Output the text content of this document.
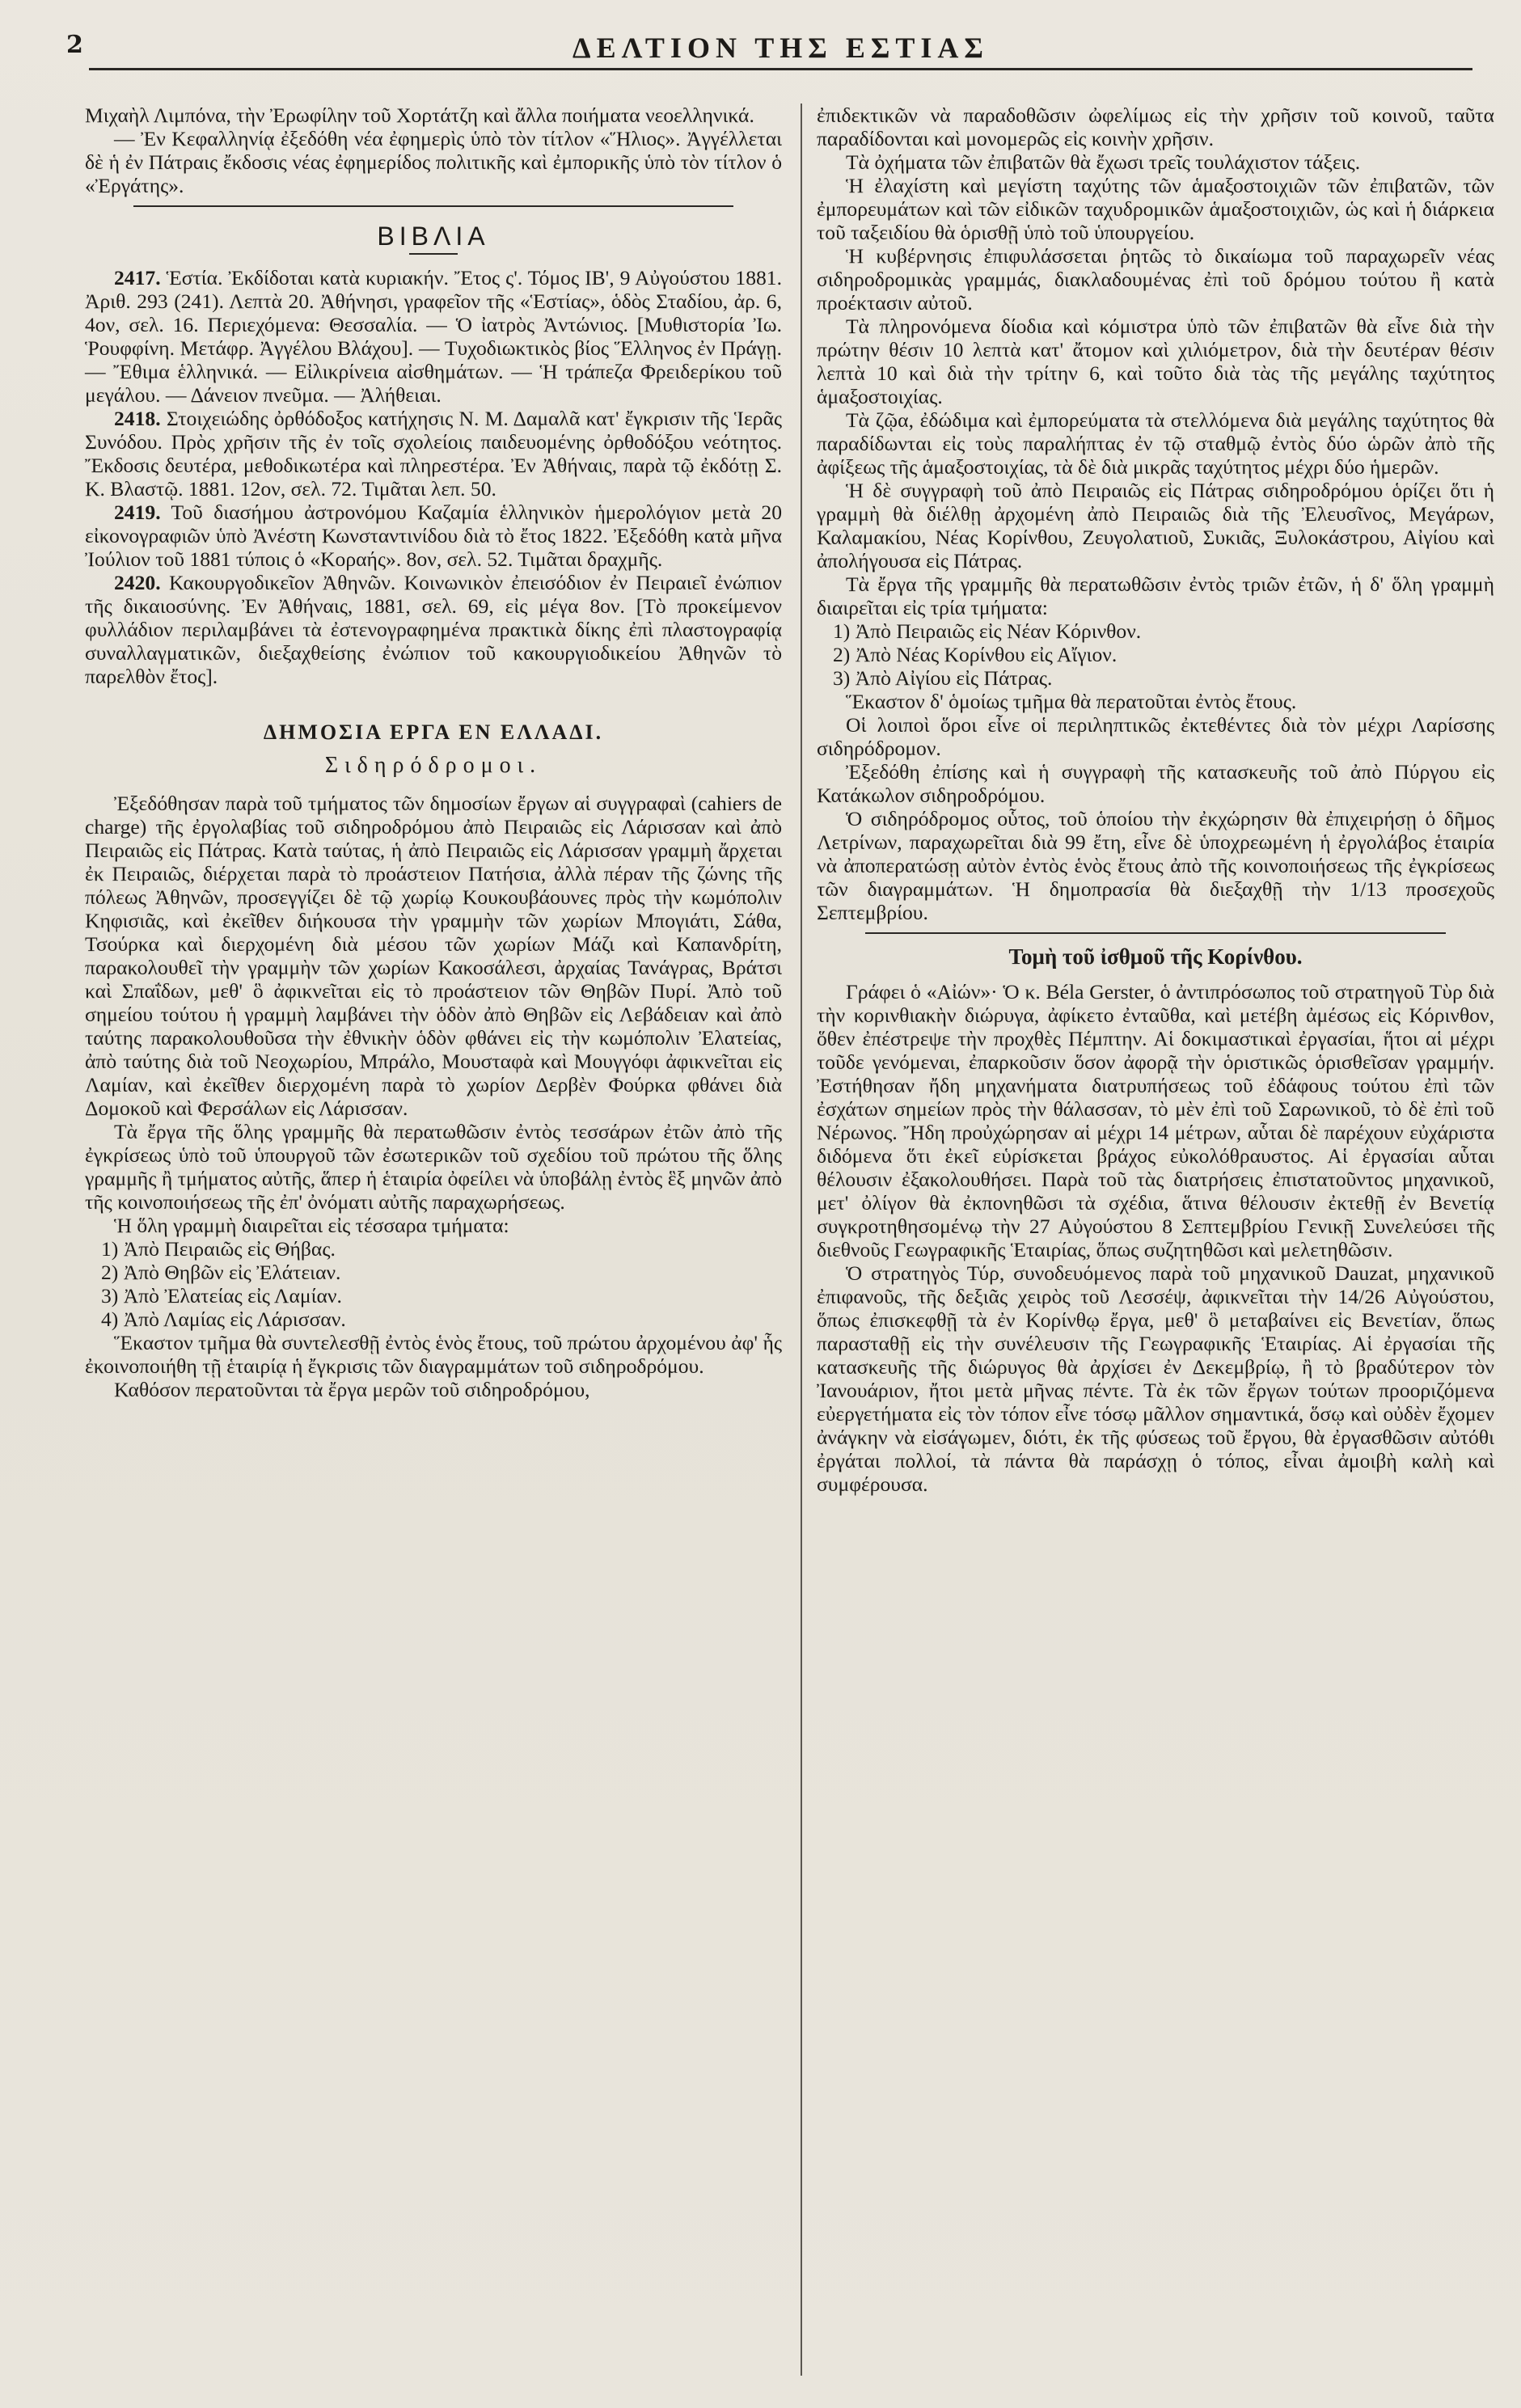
2	ΔΕΛΤΙΟΝ ΤΗΣ ΕΣΤΙΑΣ

Μιχαὴλ Λιμπόνα, τὴν Ἐρωφίλην τοῦ Χορτάτζη καὶ ἄλλα ποιήματα νεοελληνικά.

— Ἐν Κεφαλληνίᾳ ἐξεδόθη νέα ἐφημερὶς ὑπὸ τὸν τίτλον «Ἥλιος». Ἀγγέλλεται δὲ ἡ ἐν Πάτραις ἔκδοσις νέας ἐφημερίδος πολιτικῆς καὶ ἐμπορικῆς ὑπὸ τὸν τίτλον ὁ «Ἐργάτης».

ΒΙΒΛΙΑ

2417. Ἑστία. Ἐκδίδοται κατὰ κυριακήν. Ἔτος ς'. Τόμος ΙΒ', 9 Αὐγούστου 1881. Ἀριθ. 293 (241). Λεπτὰ 20. Ἀθήνησι, γραφεῖον τῆς «Ἑστίας», ὁδὸς Σταδίου, ἀρ. 6, 4ον, σελ. 16. Περιεχόμενα: Θεσσαλία. — Ὁ ἰατρὸς Ἀντώνιος. [Μυθιστορία Ἰω. Ῥουφφίνη. Μετάφρ. Ἀγγέλου Βλάχου]. — Τυχοδιωκτικὸς βίος Ἕλληνος ἐν Πράγῃ. — Ἔθιμα ἑλληνικά. — Εἰλικρίνεια αἰσθημάτων. — Ἡ τράπεζα Φρειδερίκου τοῦ μεγάλου. — Δάνειον πνεῦμα. — Ἀλήθειαι.

2418. Στοιχειώδης ὀρθόδοξος κατήχησις Ν. Μ. Δαμαλᾶ κατ' ἔγκρισιν τῆς Ἱερᾶς Συνόδου. Πρὸς χρῆσιν τῆς ἐν τοῖς σχολείοις παιδευομένης ὀρθοδόξου νεότητος. Ἔκδοσις δευτέρα, μεθοδικωτέρα καὶ πληρεστέρα. Ἐν Ἀθήναις, παρὰ τῷ ἐκδότῃ Σ. Κ. Βλαστῷ. 1881. 12ον, σελ. 72. Τιμᾶται λεπ. 50.

2419. Τοῦ διασήμου ἀστρονόμου Καζαμία ἑλληνικὸν ἡμερολόγιον μετὰ 20 εἰκονογραφιῶν ὑπὸ Ἀνέστη Κωνσταντινίδου διὰ τὸ ἔτος 1822. Ἐξεδόθη κατὰ μῆνα Ἰούλιον τοῦ 1881 τύποις ὁ «Κοραής». 8ον, σελ. 52. Τιμᾶται δραχμῆς.

2420. Κακουργοδικεῖον Ἀθηνῶν. Κοινωνικὸν ἐπεισόδιον ἐν Πειραιεῖ ἐνώπιον τῆς δικαιοσύνης. Ἐν Ἀθήναις, 1881, σελ. 69, εἰς μέγα 8ον. [Τὸ προκείμενον φυλλάδιον περιλαμβάνει τὰ ἐστενογραφημένα πρακτικὰ δίκης ἐπὶ πλαστογραφίᾳ συναλλαγματικῶν, διεξαχθείσης ἐνώπιον τοῦ κακουργιοδικείου Ἀθηνῶν τὸ παρελθὸν ἔτος].

ΔΗΜΟΣΙΑ ΕΡΓΑ ΕΝ ΕΛΛΑΔΙ.
Σιδηρόδρομοι.

Ἐξεδόθησαν παρὰ τοῦ τμήματος τῶν δημοσίων ἔργων αἱ συγγραφαὶ (cahiers de charge) τῆς ἐργολαβίας τοῦ σιδηροδρόμου ἀπὸ Πειραιῶς εἰς Λάρισσαν καὶ ἀπὸ Πειραιῶς εἰς Πάτρας. Κατὰ ταύτας, ἡ ἀπὸ Πειραιῶς εἰς Λάρισσαν γραμμὴ ἄρχεται ἐκ Πειραιῶς, διέρχεται παρὰ τὸ προάστειον Πατήσια, ἀλλὰ πέραν τῆς ζώνης τῆς πόλεως Ἀθηνῶν, προσεγγίζει δὲ τῷ χωρίῳ Κουκουβάουνες πρὸς τὴν κωμόπολιν Κηφισιᾶς, καὶ ἐκεῖθεν διήκουσα τὴν γραμμὴν τῶν χωρίων Μπογιάτι, Σάθα, Τσούρκα καὶ διερχομένη διὰ μέσου τῶν χωρίων Μάζι καὶ Καπανδρίτη, παρακολουθεῖ τὴν γραμμὴν τῶν χωρίων Κακοσάλεσι, ἀρχαίας Τανάγρας, Βράτσι καὶ Σπαΐδων, μεθ' ὃ ἀφικνεῖται εἰς τὸ προάστειον τῶν Θηβῶν Πυρί. Ἀπὸ τοῦ σημείου τούτου ἡ γραμμὴ λαμβάνει τὴν ὁδὸν ἀπὸ Θηβῶν εἰς Λεβάδειαν καὶ ἀπὸ ταύτης παρακολουθοῦσα τὴν ἐθνικὴν ὁδὸν φθάνει εἰς τὴν κωμόπολιν Ἐλατείας, ἀπὸ ταύτης διὰ τοῦ Νεοχωρίου, Μπράλο, Μουσταφὰ καὶ Μουγγόφι ἀφικνεῖται εἰς Λαμίαν, καὶ ἐκεῖθεν διερχομένη παρὰ τὸ χωρίον Δερβὲν Φούρκα φθάνει διὰ Δομοκοῦ καὶ Φερσάλων εἰς Λάρισσαν.

Τὰ ἔργα τῆς ὅλης γραμμῆς θὰ περατωθῶσιν ἐντὸς τεσσάρων ἐτῶν ἀπὸ τῆς ἐγκρίσεως ὑπὸ τοῦ ὑπουργοῦ τῶν ἐσωτερικῶν τοῦ σχεδίου τοῦ πρώτου τῆς ὅλης γραμμῆς ἢ τμήματος αὐτῆς, ἅπερ ἡ ἑταιρία ὀφείλει νὰ ὑποβάλῃ ἐντὸς ἓξ μηνῶν ἀπὸ τῆς κοινοποιήσεως τῆς ἐπ' ὀνόματι αὐτῆς παραχωρήσεως.

Ἡ ὅλη γραμμὴ διαιρεῖται εἰς τέσσαρα τμήματα:

1) Ἀπὸ Πειραιῶς εἰς Θήβας.

2) Ἀπὸ Θηβῶν εἰς Ἐλάτειαν.

3) Ἀπὸ Ἐλατείας εἰς Λαμίαν.

4) Ἀπὸ Λαμίας εἰς Λάρισσαν.

Ἕκαστον τμῆμα θὰ συντελεσθῇ ἐντὸς ἑνὸς ἔτους, τοῦ πρώτου ἀρχομένου ἀφ' ἧς ἐκοινοποιήθη τῇ ἑταιρίᾳ ἡ ἔγκρισις τῶν διαγραμμάτων τοῦ σιδηροδρόμου.

Καθόσον περατοῦνται τὰ ἔργα μερῶν τοῦ σιδηροδρόμου,

ἐπιδεκτικῶν νὰ παραδοθῶσιν ὠφελίμως εἰς τὴν χρῆσιν τοῦ κοινοῦ, ταῦτα παραδίδονται καὶ μονομερῶς εἰς κοινὴν χρῆσιν.

Τὰ ὀχήματα τῶν ἐπιβατῶν θὰ ἔχωσι τρεῖς τουλάχιστον τάξεις.

Ἡ ἐλαχίστη καὶ μεγίστη ταχύτης τῶν ἁμαξοστοιχιῶν τῶν ἐπιβατῶν, τῶν ἐμπορευμάτων καὶ τῶν εἰδικῶν ταχυδρομικῶν ἁμαξοστοιχιῶν, ὡς καὶ ἡ διάρκεια τοῦ ταξειδίου θὰ ὁρισθῇ ὑπὸ τοῦ ὑπουργείου.

Ἡ κυβέρνησις ἐπιφυλάσσεται ῥητῶς τὸ δικαίωμα τοῦ παραχωρεῖν νέας σιδηροδρομικὰς γραμμάς, διακλαδουμένας ἐπὶ τοῦ δρόμου τούτου ἢ κατὰ προέκτασιν αὐτοῦ.

Τὰ πληρονόμενα δίοδια καὶ κόμιστρα ὑπὸ τῶν ἐπιβατῶν θὰ εἶνε διὰ τὴν πρώτην θέσιν 10 λεπτὰ κατ' ἄτομον καὶ χιλιόμετρον, διὰ τὴν δευτέραν θέσιν λεπτὰ 10 καὶ διὰ τὴν τρίτην 6, καὶ τοῦτο διὰ τὰς τῆς μεγάλης ταχύτητος ἁμαξοστοιχίας.

Τὰ ζῷα, ἐδώδιμα καὶ ἐμπορεύματα τὰ στελλόμενα διὰ μεγάλης ταχύτητος θὰ παραδίδωνται εἰς τοὺς παραλήπτας ἐν τῷ σταθμῷ ἐντὸς δύο ὡρῶν ἀπὸ τῆς ἀφίξεως τῆς ἁμαξοστοιχίας, τὰ δὲ διὰ μικρᾶς ταχύτητος μέχρι δύο ἡμερῶν.

Ἡ δὲ συγγραφὴ τοῦ ἀπὸ Πειραιῶς εἰς Πάτρας σιδηροδρόμου ὁρίζει ὅτι ἡ γραμμὴ θὰ διέλθῃ ἀρχομένη ἀπὸ Πειραιῶς διὰ τῆς Ἐλευσῖνος, Μεγάρων, Καλαμακίου, Νέας Κορίνθου, Ζευγολατιοῦ, Συκιᾶς, Ξυλοκάστρου, Αἰγίου καὶ ἀπολήγουσα εἰς Πάτρας.

Τὰ ἔργα τῆς γραμμῆς θὰ περατωθῶσιν ἐντὸς τριῶν ἐτῶν, ἡ δ' ὅλη γραμμὴ διαιρεῖται εἰς τρία τμήματα:

1) Ἀπὸ Πειραιῶς εἰς Νέαν Κόρινθον.

2) Ἀπὸ Νέας Κορίνθου εἰς Αἴγιον.

3) Ἀπὸ Αἰγίου εἰς Πάτρας.

Ἕκαστον δ' ὁμοίως τμῆμα θὰ περατοῦται ἐντὸς ἔτους.

Οἱ λοιποὶ ὅροι εἶνε οἱ περιληπτικῶς ἐκτεθέντες διὰ τὸν μέχρι Λαρίσσης σιδηρόδρομον.

Ἐξεδόθη ἐπίσης καὶ ἡ συγγραφὴ τῆς κατασκευῆς τοῦ ἀπὸ Πύργου εἰς Κατάκωλον σιδηροδρόμου.

Ὁ σιδηρόδρομος οὗτος, τοῦ ὁποίου τὴν ἐκχώρησιν θὰ ἐπιχειρήσῃ ὁ δῆμος Λετρίνων, παραχωρεῖται διὰ 99 ἔτη, εἶνε δὲ ὑποχρεωμένη ἡ ἐργολάβος ἑταιρία νὰ ἀποπερατώσῃ αὐτὸν ἐντὸς ἑνὸς ἔτους ἀπὸ τῆς κοινοποιήσεως τῆς ἐγκρίσεως τῶν διαγραμμάτων. Ἡ δημοπρασία θὰ διεξαχθῇ τὴν 1/13 προσεχοῦς Σεπτεμβρίου.

Τομὴ τοῦ ἰσθμοῦ τῆς Κορίνθου.

Γράφει ὁ «Αἰών»· Ὁ κ. Béla Gerster, ὁ ἀντιπρόσωπος τοῦ στρατηγοῦ Τὺρ διὰ τὴν κορινθιακὴν διώρυγα, ἀφίκετο ἐνταῦθα, καὶ μετέβη ἀμέσως εἰς Κόρινθον, ὅθεν ἐπέστρεψε τὴν προχθὲς Πέμπτην. Αἱ δοκιμαστικαὶ ἐργασίαι, ἥτοι αἱ μέχρι τοῦδε γενόμεναι, ἐπαρκοῦσιν ὅσον ἀφορᾷ τὴν ὁριστικῶς ὁρισθεῖσαν γραμμήν. Ἐστήθησαν ἤδη μηχανήματα διατρυπήσεως τοῦ ἐδάφους τούτου ἐπὶ τῶν ἐσχάτων σημείων πρὸς τὴν θάλασσαν, τὸ μὲν ἐπὶ τοῦ Σαρωνικοῦ, τὸ δὲ ἐπὶ τοῦ Νέρωνος. Ἤδη προὐχώρησαν αἱ μέχρι 14 μέτρων, αὗται δὲ παρέχουν εὐχάριστα διδόμενα ὅτι ἐκεῖ εὑρίσκεται βράχος εὐκολόθραυστος. Αἱ ἐργασίαι αὗται θέλουσιν ἐξακολουθήσει. Παρὰ τοῦ τὰς διατρήσεις ἐπιστατοῦντος μηχανικοῦ, μετ' ὀλίγον θὰ ἐκπονηθῶσι τὰ σχέδια, ἅτινα θέλουσιν ἐκτεθῇ ἐν Βενετίᾳ συγκροτηθησομένῳ τὴν 27 Αὐγούστου 8 Σεπτεμβρίου Γενικῇ Συνελεύσει τῆς διεθνοῦς Γεωγραφικῆς Ἑταιρίας, ὅπως συζητηθῶσι καὶ μελετηθῶσιν.

Ὁ στρατηγὸς Τύρ, συνοδευόμενος παρὰ τοῦ μηχανικοῦ Dauzat, μηχανικοῦ ἐπιφανοῦς, τῆς δεξιᾶς χειρὸς τοῦ Λεσσέψ, ἀφικνεῖται τὴν 14/26 Αὐγούστου, ὅπως ἐπισκεφθῇ τὰ ἐν Κορίνθῳ ἔργα, μεθ' ὃ μεταβαίνει εἰς Βενετίαν, ὅπως παρασταθῇ εἰς τὴν συνέλευσιν τῆς Γεωγραφικῆς Ἑταιρίας. Αἱ ἐργασίαι τῆς κατασκευῆς τῆς διώρυγος θὰ ἀρχίσει ἐν Δεκεμβρίῳ, ἢ τὸ βραδύτερον τὸν Ἰανουάριον, ἤτοι μετὰ μῆνας πέντε. Τὰ ἐκ τῶν ἔργων τούτων προοριζόμενα εὐεργετήματα εἰς τὸν τόπον εἶνε τόσῳ μᾶλλον σημαντικά, ὅσῳ καὶ οὐδὲν ἔχομεν ἀνάγκην νὰ εἰσάγωμεν, διότι, ἐκ τῆς φύσεως τοῦ ἔργου, θὰ ἐργασθῶσιν αὐτόθι ἐργάται πολλοί, τὰ πάντα θὰ παράσχῃ ὁ τόπος, εἶναι ἀμοιβὴ καλὴ καὶ συμφέρουσα.
